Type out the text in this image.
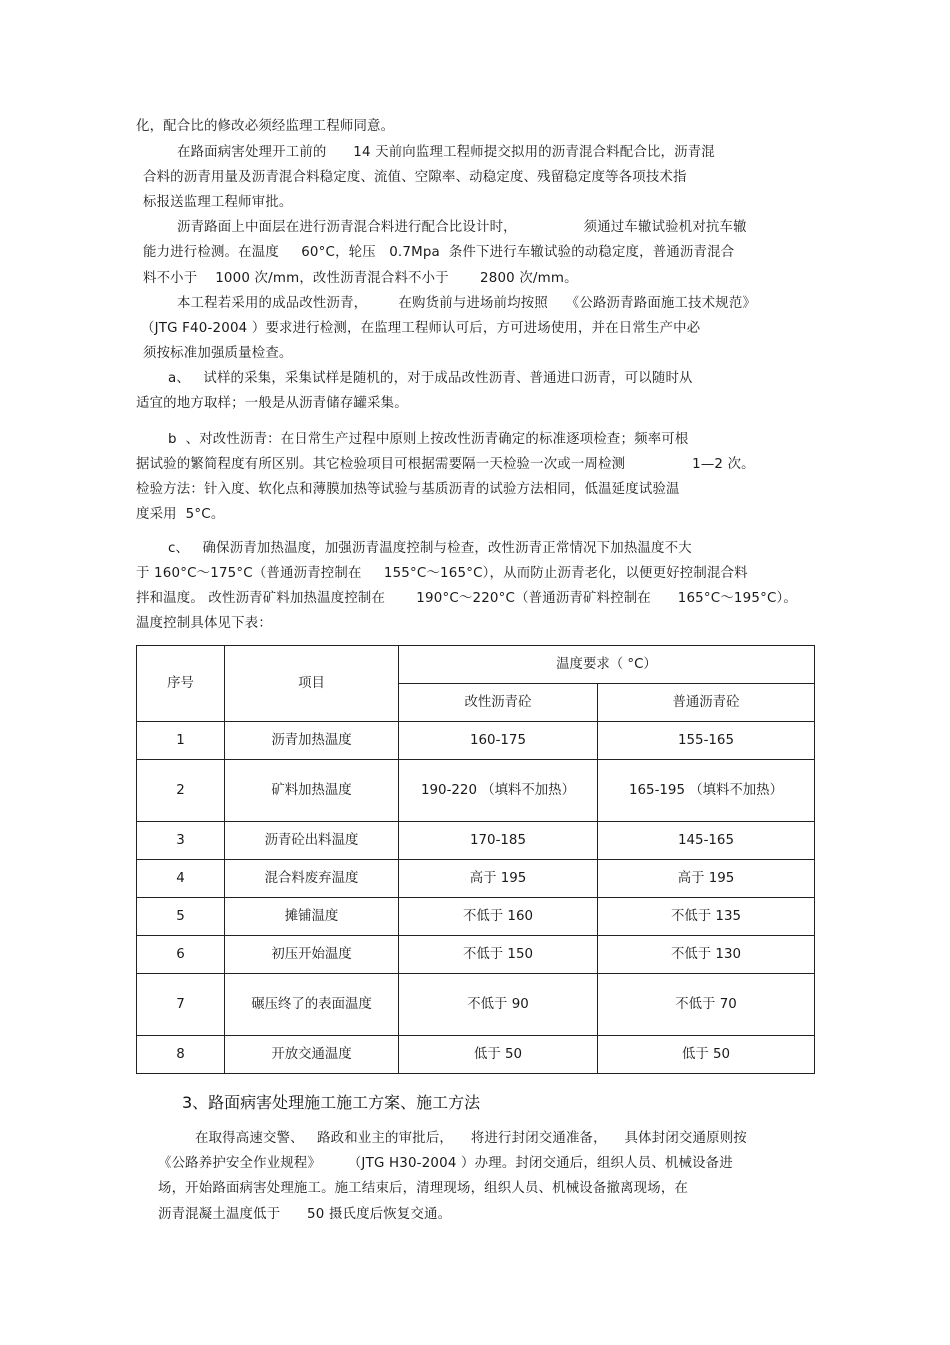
化，配合比的修改必须经监理工程师同意。
在路面病害处理开工前的      14 天前向监理工程师提交拟用的沥青混合料配合比，沥青混
合料的沥青用量及沥青混合料稳定度、流值、空隙率、动稳定度、残留稳定度等各项技术指
标报送监理工程师审批。
沥青路面上中面层在进行沥青混合料进行配合比设计时，               须通过车辙试验机对抗车辙
能力进行检测。在温度     60°C，轮压   0.7Mpa  条件下进行车辙试验的动稳定度，普通沥青混合
料不小于    1000 次/mm，改性沥青混合料不小于       2800 次/mm。
本工程若采用的成品改性沥青，       在购货前与进场前均按照    《公路沥青路面施工技术规范》
（JTG F40-2004 ）要求进行检测，在监理工程师认可后，方可进场使用，并在日常生产中必
须按标准加强质量检查。
a、   试样的采集，采集试样是随机的，对于成品改性沥青、普通进口沥青，可以随时从
适宜的地方取样；一般是从沥青储存罐采集。
b  、对改性沥青：在日常生产过程中原则上按改性沥青确定的标准逐项检查；频率可根
据试验的繁简程度有所区别。其它检验项目可根据需要隔一天检验一次或一周检测               1—2 次。
检验方法：针入度、软化点和薄膜加热等试验与基质沥青的试验方法相同，低温延度试验温
度采用  5°C。
c、   确保沥青加热温度，加强沥青温度控制与检查，改性沥青正常情况下加热温度不大
于 160°C～175°C（普通沥青控制在     155°C～165°C），从而防止沥青老化，以便更好控制混合料
拌和温度。 改性沥青矿料加热温度控制在       190°C～220°C（普通沥青矿料控制在      165°C～195°C）。
温度控制具体见下表：
序号	项目	温度要求（ °C）	
		改性沥青砼	普通沥青砼
1	沥青加热温度	160-175	155-165
2	矿料加热温度	190-220 （填料不加热）	165-195 （填料不加热）
3	沥青砼出料温度	170-185	145-165
4	混合料废弃温度	高于 195	高于 195
5	摊铺温度	不低于 160	不低于 135
6	初压开始温度	不低于 150	不低于 130
7	碾压终了的表面温度	不低于 90	不低于 70
8	开放交通温度	低于 50	低于 50
3、路面病害处理施工施工方案、施工方法
在取得高速交警、   路政和业主的审批后，    将进行封闭交通准备，    具体封闭交通原则按
《公路养护安全作业规程》      （JTG H30-2004 ）办理。封闭交通后，组织人员、机械设备进
场，开始路面病害处理施工。施工结束后，清理现场，组织人员、机械设备撤离现场，在
沥青混凝土温度低于      50 摄氏度后恢复交通。
